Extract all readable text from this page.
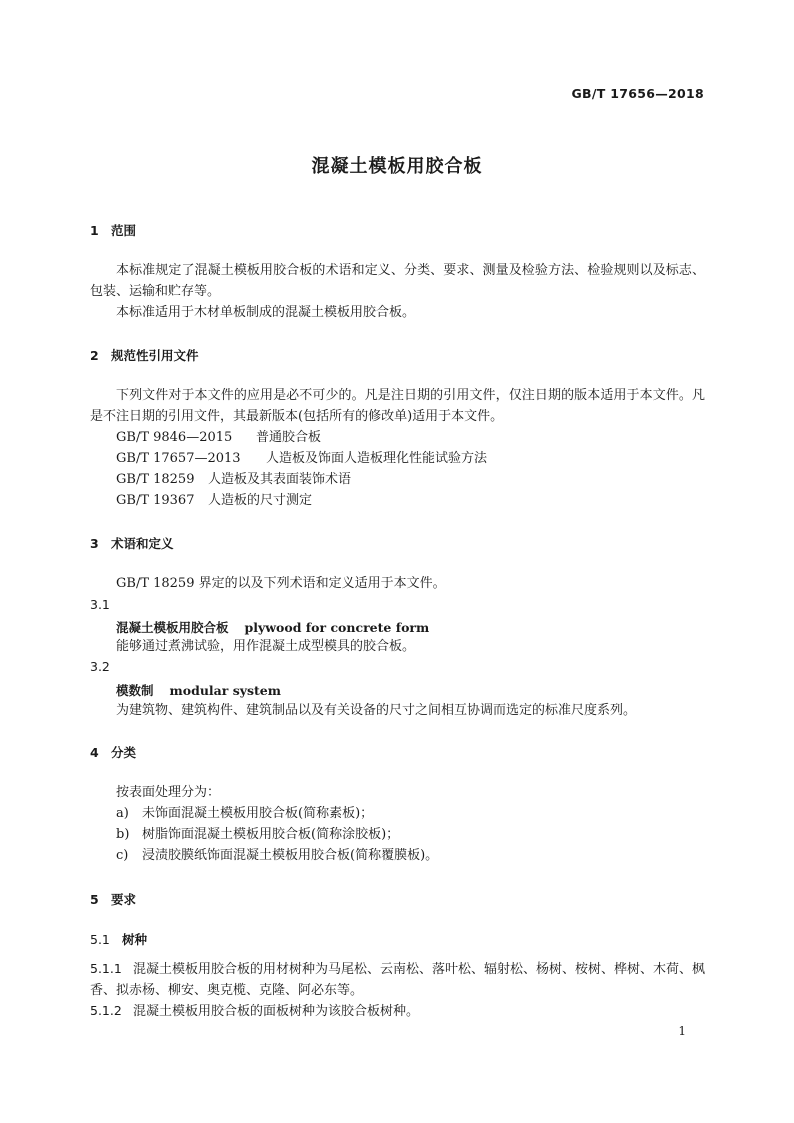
GB/T 17656—2018
混凝土模板用胶合板
1 范围
本标准规定了混凝土模板用胶合板的术语和定义、分类、要求、测量及检验方法、检验规则以及标志、包装、运输和贮存等。
本标准适用于木材单板制成的混凝土模板用胶合板。
2 规范性引用文件
下列文件对于本文件的应用是必不可少的。凡是注日期的引用文件，仅注日期的版本适用于本文件。凡是不注日期的引用文件，其最新版本(包括所有的修改单)适用于本文件。
GB/T 9846—2015 普通胶合板
GB/T 17657—2013 人造板及饰面人造板理化性能试验方法
GB/T 18259 人造板及其表面装饰术语
GB/T 19367 人造板的尺寸测定
3 术语和定义
GB/T 18259 界定的以及下列术语和定义适用于本文件。
3.1
混凝土模板用胶合板 plywood for concrete form
能够通过煮沸试验，用作混凝土成型模具的胶合板。
3.2
模数制 modular system
为建筑物、建筑构件、建筑制品以及有关设备的尺寸之间相互协调而选定的标准尺度系列。
4 分类
按表面处理分为：
a) 未饰面混凝土模板用胶合板(简称素板)；
b) 树脂饰面混凝土模板用胶合板(简称涂胶板)；
c) 浸渍胶膜纸饰面混凝土模板用胶合板(简称覆膜板)。
5 要求
5.1 树种
5.1.1 混凝土模板用胶合板的用材树种为马尾松、云南松、落叶松、辐射松、杨树、桉树、桦树、木荷、枫香、拟赤杨、柳安、奥克榄、克隆、阿必东等。
5.1.2 混凝土模板用胶合板的面板树种为该胶合板树种。
1
